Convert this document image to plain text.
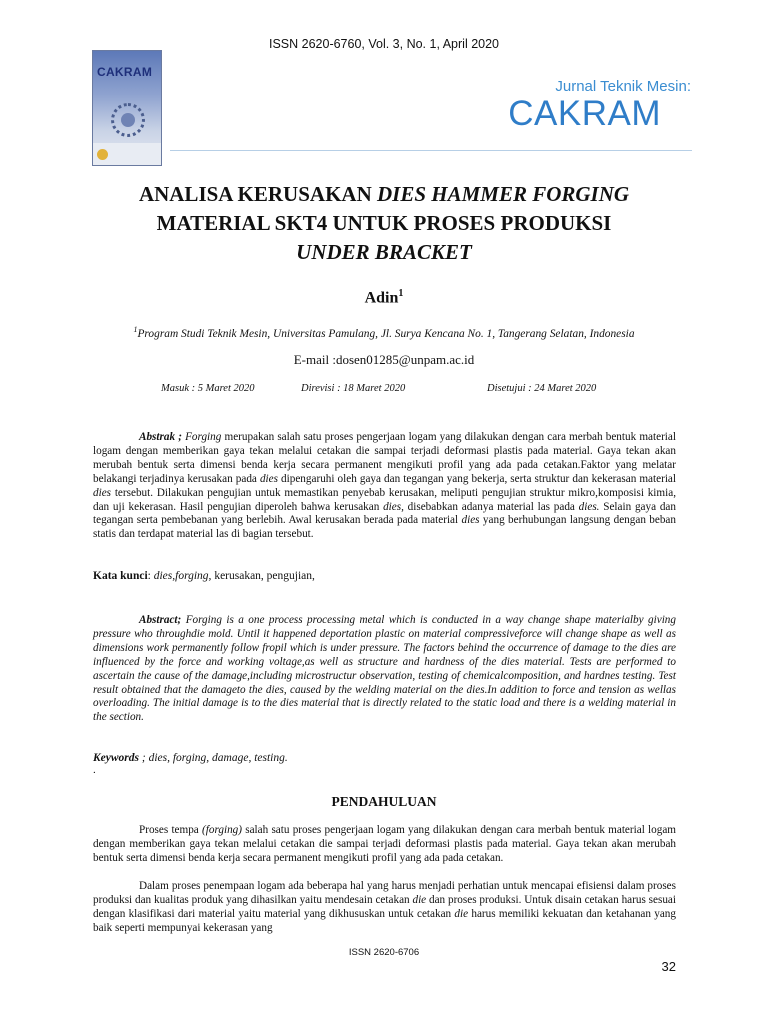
ISSN 2620-6760, Vol. 3, No. 1, April 2020
CAKRAM
Jurnal Teknik Mesin:
CAKRAM
ANALISA KERUSAKAN DIES HAMMER FORGING
MATERIAL SKT4 UNTUK PROSES PRODUKSI
UNDER BRACKET
Adin$^1$
$^1$Program Studi Teknik Mesin, Universitas Pamulang, Jl. Surya Kencana No. 1, Tangerang Selatan, Indonesia
E-mail :dosen01285@unpam.ac.id
Masuk : 5 Maret 2020	Direvisi : 18 Maret 2020	Disetujui : 24 Maret 2020
Abstrak ; Forging merupakan salah satu proses pengerjaan logam yang dilakukan dengan cara merbah bentuk material logam dengan memberikan gaya tekan melalui cetakan die sampai terjadi deformasi plastis pada material. Gaya tekan akan merubah bentuk serta dimensi benda kerja secara permanent mengikuti profil yang ada pada cetakan.Faktor yang melatar belakangi terjadinya kerusakan pada dies dipengaruhi oleh gaya dan tegangan yang bekerja, serta struktur dan kekerasan material dies tersebut. Dilakukan pengujian untuk memastikan penyebab kerusakan, meliputi pengujian struktur mikro,komposisi kimia, dan uji kekerasan. Hasil pengujian diperoleh bahwa kerusakan dies, disebabkan adanya material las pada dies. Selain gaya dan tegangan serta pembebanan yang berlebih. Awal kerusakan berada pada material dies yang berhubungan langsung dengan beban statis dan terdapat material las di bagian tersebut.
Kata kunci: dies,forging, kerusakan, pengujian,
Abstract; Forging is a one process processing metal which is conducted in a way change shape materialby giving pressure who throughdie mold. Until it happened deportation plastic on material compressiveforce will change shape as well as dimensions work permanently follow fropil which is under pressure. The factors behind the occurrence of damage to the dies are influenced by the force and working voltage,as well as structure and hardness of the dies material. Tests are performed to ascertain the cause of the damage,including microstructur observation, testing of chemicalcomposition, and hardnes testing. Test result obtained that the damageto the dies, caused by the welding material on the dies.In addition to force and tension as wellas overloading. The initial damage is to the dies material that is directly related to the static load and there is a welding material in the section.
Keywords ; dies, forging, damage, testing.
.
PENDAHULUAN
Proses tempa (forging) salah satu proses pengerjaan logam yang dilakukan dengan cara merbah bentuk material logam dengan memberikan gaya tekan melalui cetakan die sampai terjadi deformasi plastis pada material. Gaya tekan akan merubah bentuk serta dimensi benda kerja secara permanent mengikuti profil yang ada pada cetakan.
Dalam proses penempaan logam ada beberapa hal yang harus menjadi perhatian untuk mencapai efisiensi dalam proses produksi dan kualitas produk yang dihasilkan yaitu mendesain cetakan die dan proses produksi. Untuk disain cetakan harus sesuai dengan klasifikasi dari material yaitu material yang dikhususkan untuk cetakan die harus memiliki kekuatan dan ketahanan yang baik seperti mempunyai kekerasan yang
ISSN 2620-6706
32
